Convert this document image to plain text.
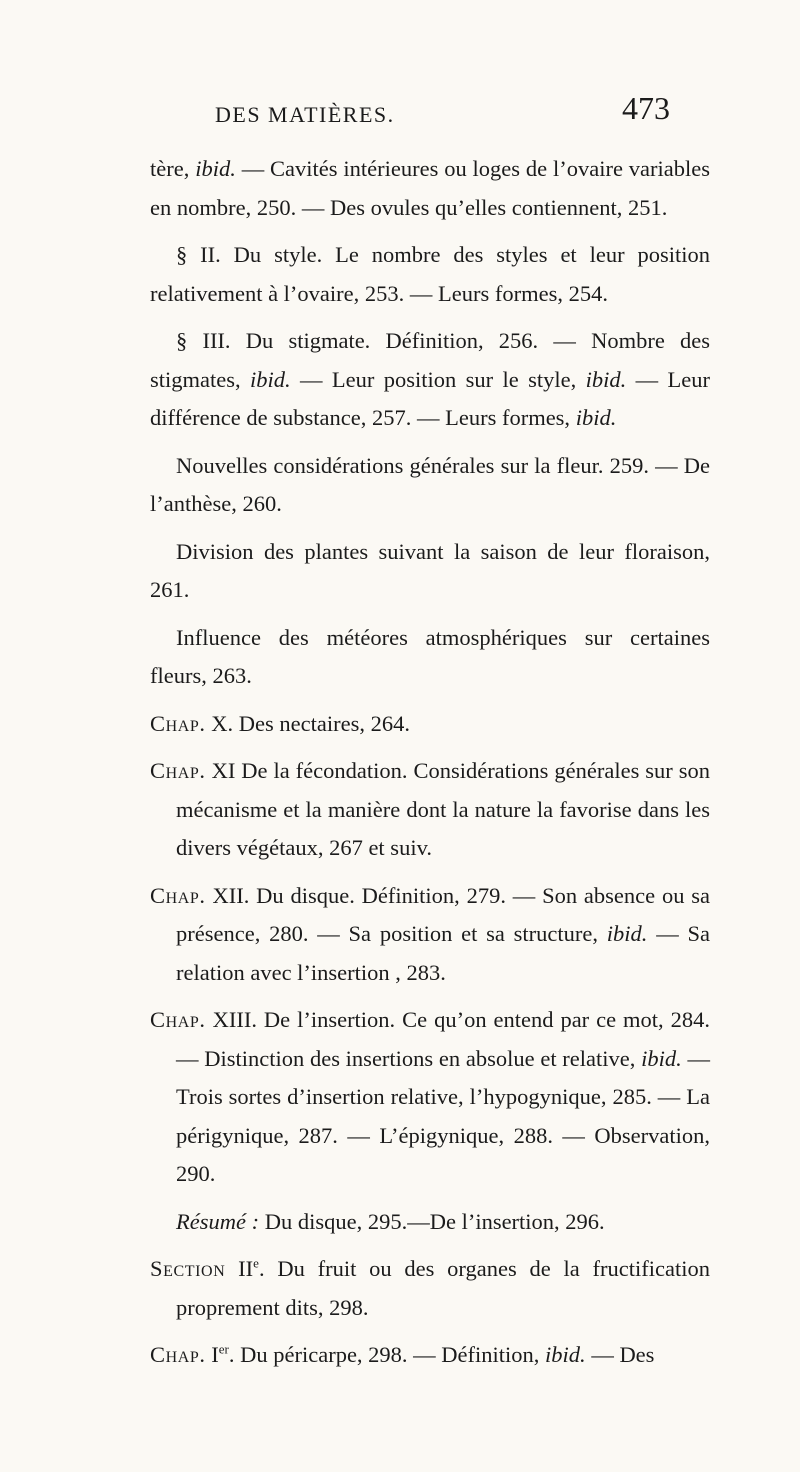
DES MATIÈRES.	473

tère, ibid. — Cavités intérieures ou loges de l’ovaire variables en nombre, 250. — Des ovules qu’elles contiennent, 251.

§ II. Du style. Le nombre des styles et leur position relativement à l’ovaire, 253. — Leurs formes, 254.

§ III. Du stigmate. Définition, 256. — Nombre des stigmates, ibid. — Leur position sur le style, ibid. — Leur différence de substance, 257. — Leurs formes, ibid.

Nouvelles considérations générales sur la fleur. 259. — De l’anthèse, 260.

Division des plantes suivant la saison de leur floraison, 261.

Influence des météores atmosphériques sur certaines fleurs, 263.

Chap. X. Des nectaires, 264.

Chap. XI De la fécondation. Considérations générales sur son mécanisme et la manière dont la nature la favorise dans les divers végétaux, 267 et suiv.

Chap. XII. Du disque. Définition, 279. — Son absence ou sa présence, 280. — Sa position et sa structure, ibid. — Sa relation avec l’insertion , 283.

Chap. XIII. De l’insertion. Ce qu’on entend par ce mot, 284. — Distinction des insertions en absolue et relative, ibid. — Trois sortes d’insertion relative, l’hypogynique, 285. — La périgynique, 287. — L’épigynique, 288. — Observation, 290.

Résumé : Du disque, 295.—De l’insertion, 296.

Section IIe. Du fruit ou des organes de la fructification proprement dits, 298.

Chap. Ier. Du péricarpe, 298. — Définition, ibid. — Des
